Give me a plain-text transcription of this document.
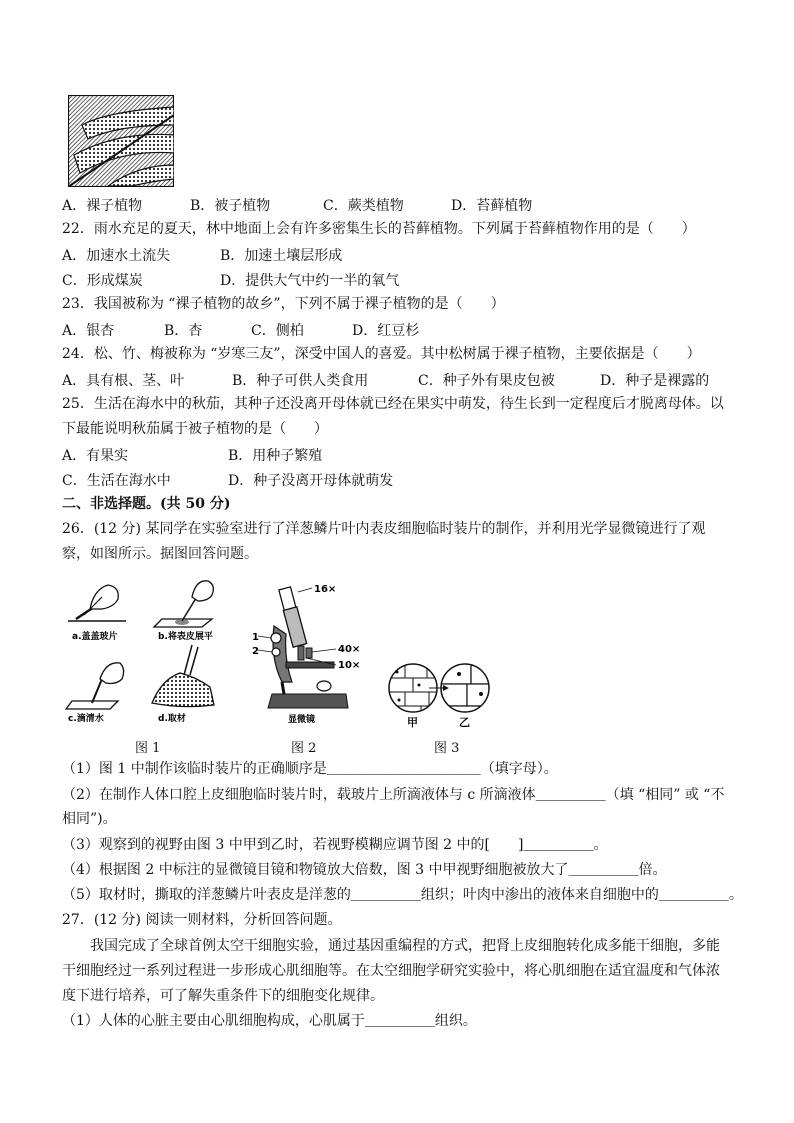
A．裸子植物	B．被子植物	C．蕨类植物	D．苔藓植物
22．雨水充足的夏天，林中地面上会有许多密集生长的苔藓植物。下列属于苔藓植物作用的是（　　）
A．加速水土流失	B．加速土壤层形成
C．形成煤炭	D．提供大气中约一半的氧气
23．我国被称为 “裸子植物的故乡”，下列不属于裸子植物的是（　　）
A．银杏	B．杏	C．侧柏	D．红豆杉
24．松、竹、梅被称为 “岁寒三友”，深受中国人的喜爱。其中松树属于裸子植物，主要依据是（　　）
A．具有根、茎、叶	B．种子可供人类食用	C．种子外有果皮包被	D．种子是裸露的
25．生活在海水中的秋茄，其种子还没离开母体就已经在果实中萌发，待生长到一定程度后才脱离母体。以
下最能说明秋茄属于被子植物的是（　　）
A．有果实	B．用种子繁殖
C．生活在海水中	D．种子没离开母体就萌发
二、非选择题。(共 50 分)
26．(12 分) 某同学在实验室进行了洋葱鳞片叶内表皮细胞临时装片的制作，并利用光学显微镜进行了观
察，如图所示。据图回答问题。
a.盖盖玻片	b.将表皮展平
c.滴清水	d.取材
16×
1
2	40×
10×
显微镜	甲	乙
图 1	图 2	图 3
（1）图 1 中制作该临时装片的正确顺序是＿＿＿＿＿＿＿＿＿＿＿（填字母）。
（2）在制作人体口腔上皮细胞临时装片时，载玻片上所滴液体与 c 所滴液体＿＿＿＿＿（填 “相同” 或 “不
相同”)。
（3）观察到的视野由图 3 中甲到乙时，若视野模糊应调节图 2 中的[　　]＿＿＿＿＿。
（4）根据图 2 中标注的显微镜目镜和物镜放大倍数，图 3 中甲视野细胞被放大了＿＿＿＿＿倍。
（5）取材时，撕取的洋葱鳞片叶表皮是洋葱的＿＿＿＿＿组织；叶肉中渗出的液体来自细胞中的＿＿＿＿＿。
27．(12 分) 阅读一则材料，分析回答问题。
　　我国完成了全球首例太空干细胞实验，通过基因重编程的方式，把肾上皮细胞转化成多能干细胞，多能
干细胞经过一系列过程进一步形成心肌细胞等。在太空细胞学研究实验中，将心肌细胞在适宜温度和气体浓
度下进行培养，可了解失重条件下的细胞变化规律。
（1）人体的心脏主要由心肌细胞构成，心肌属于＿＿＿＿＿组织。
